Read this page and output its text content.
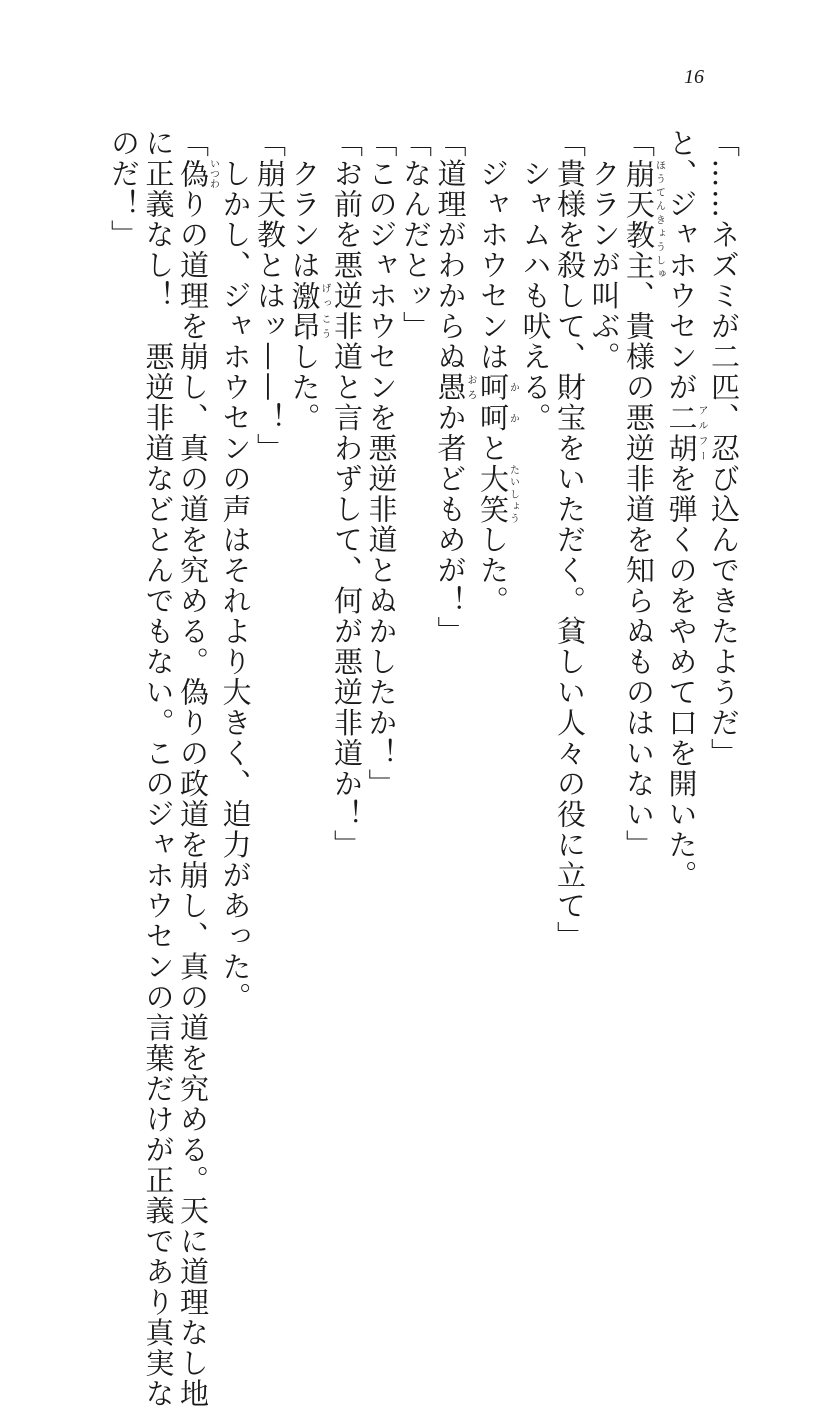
16
「……ネズミが二匹、忍び込んできたようだ」
と、ジャホウセンが二胡アルフーを弾くのをやめて口を開いた。
「崩天教主ほうてんきょうしゅ、貴様の悪逆非道を知らぬものはいない」
　クランが叫ぶ。
「貴様を殺して、財宝をいただく。貧しい人々の役に立て」
　シャムハも吠える。
　ジャホウセンは呵呵かかと大笑たいしょうした。
「道理がわからぬ愚おろか者どもめが！」
「なんだとッ」
「このジャホウセンを悪逆非道とぬかしたか！」
「お前を悪逆非道と言わずして、何が悪逆非道か！」
　クランは激昂げっこうした。
「崩天教とはッ——！」
　しかし、ジャホウセンの声はそれより大きく、迫力があった。
「偽いつわりの道理を崩し、真の道を究める。偽りの政道を崩し、真の道を究める。天に道理なし地
に正義なし！　悪逆非道などとんでもない。このジャホウセンの言葉だけが正義であり真実な
のだ！」
